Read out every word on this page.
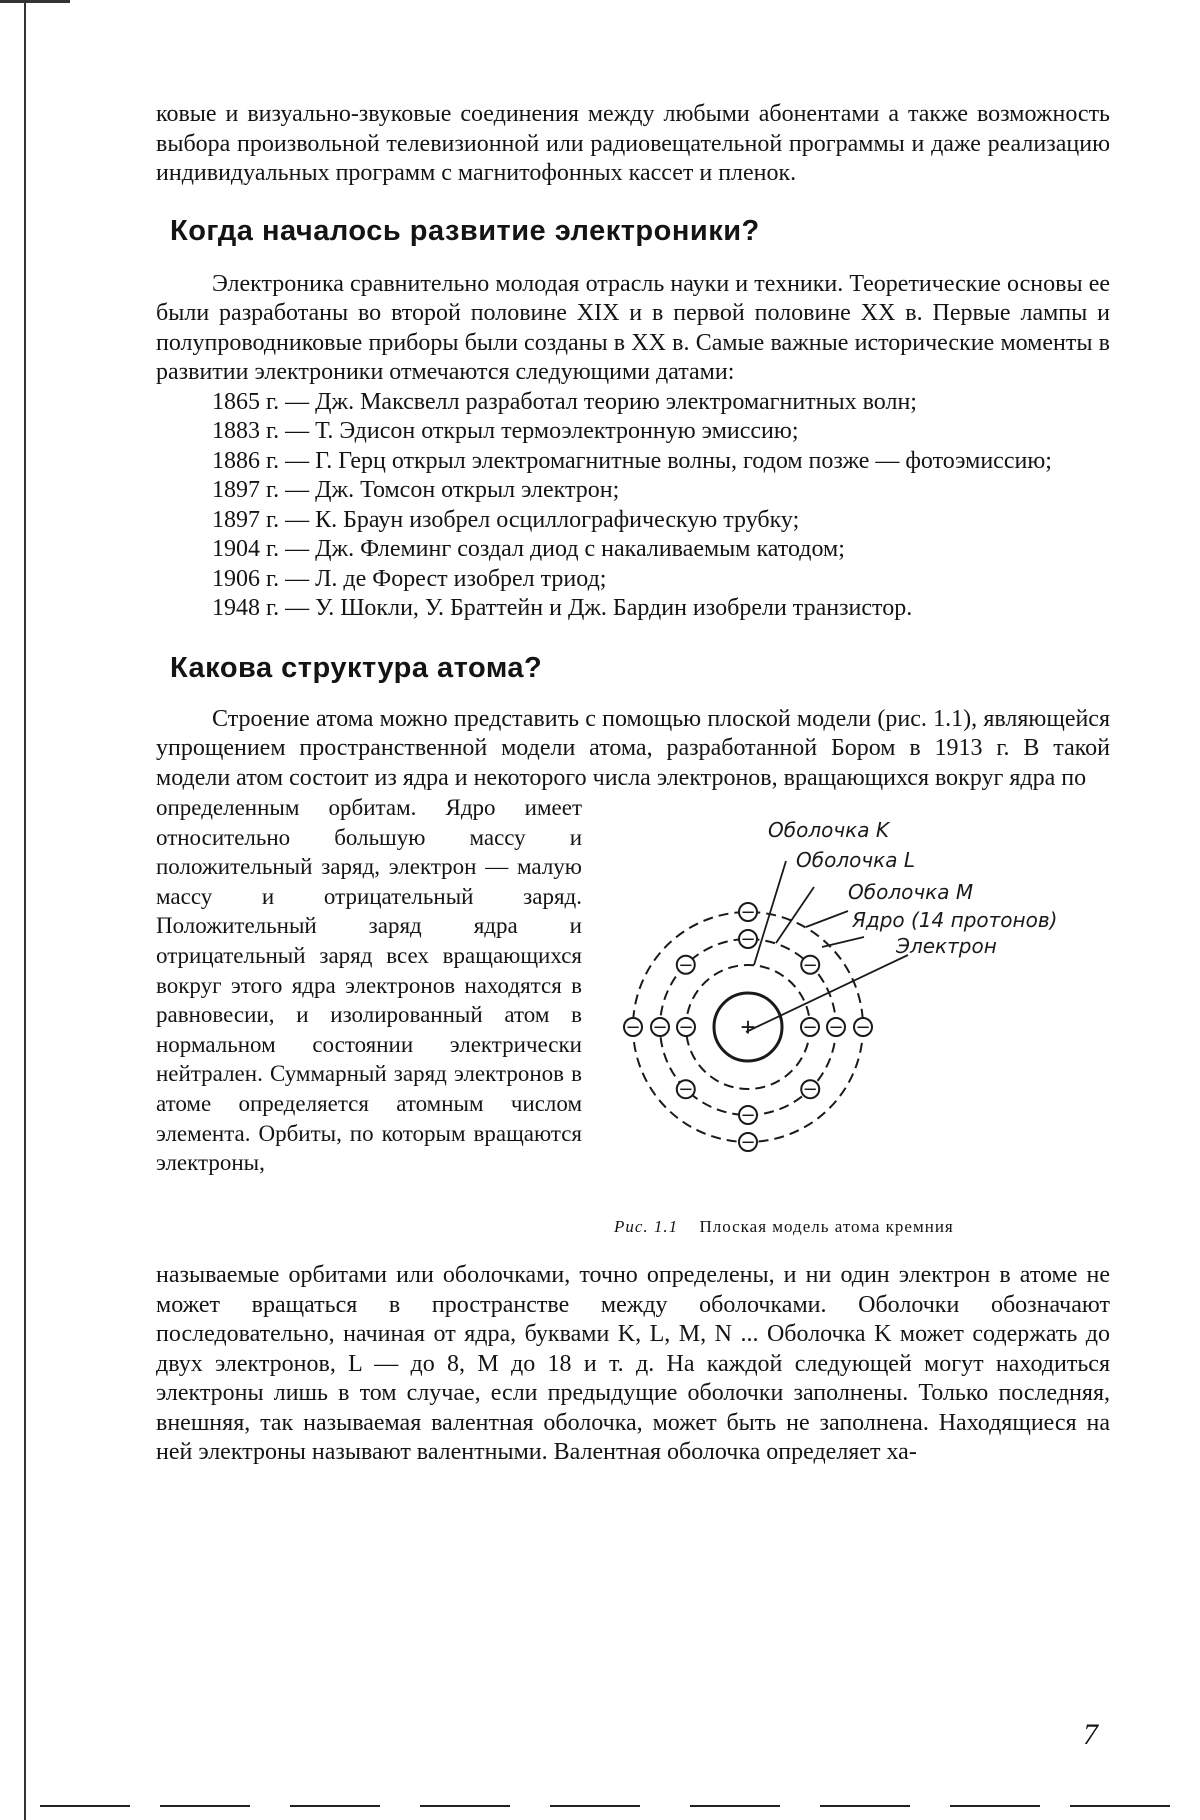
ковые и визуально-звуковые соединения между любыми абонентами а также возможность выбора произвольной телевизионной или радиовещательной программы и даже реализацию индивидуальных программ с магнитофонных кассет и пленок.

Когда началось развитие электроники?

Электроника сравнительно молодая отрасль науки и техники. Теоретические основы ее были разработаны во второй половине XIX и в первой половине XX в. Первые лампы и полупроводниковые приборы были созданы в XX в. Самые важные исторические моменты в развитии электроники отмечаются следующими датами:

1865 г. — Дж. Максвелл разработал теорию электромагнитных волн;
1883 г. — Т. Эдисон открыл термоэлектронную эмиссию;
1886 г. — Г. Герц открыл электромагнитные волны, годом позже — фотоэмиссию;
1897 г. — Дж. Томсон открыл электрон;
1897 г. — К. Браун изобрел осциллографическую трубку;
1904 г. — Дж. Флеминг создал диод с накаливаемым катодом;
1906 г. — Л. де Форест изобрел триод;
1948 г. — У. Шокли, У. Браттейн и Дж. Бардин изобрели транзистор.
Какова структура атома?

Строение атома можно представить с помощью плоской модели (рис. 1.1), являющейся упрощением пространственной модели атома, разработанной Бором в 1913 г. В такой модели атом состоит из ядра и некоторого числа электронов, вращающихся вокруг ядра по

определенным орбитам. Ядро имеет относительно большую массу и положительный заряд, электрон — малую массу и отрицательный заряд. Положительный заряд ядра и отрицательный заряд всех вращающихся вокруг этого ядра электронов находятся в равновесии, и изолированный атом в нормальном состоянии электрически нейтрален. Суммарный заряд электронов в атоме определяется атомным числом элемента. Орбиты, по которым вращаются электроны,

+
−	−
−
−
−
−
−
−
−
−
−
−
−
−
Оболочка K
Оболочка L
Оболочка M
Ядро (14 протонов)
Электрон
Рис. 1.1 Плоская модель атома кремния

называемые орбитами или оболочками, точно определены, и ни один электрон в атоме не может вращаться в пространстве между оболочками. Оболочки обозначают последовательно, начиная от ядра, буквами K, L, M, N ... Оболочка K может содержать до двух электронов, L — до 8, M до 18 и т. д. На каждой следующей могут находиться электроны лишь в том случае, если предыдущие оболочки заполнены. Только последняя, внешняя, так называемая валентная оболочка, может быть не заполнена. Находящиеся на ней электроны называют валентными. Валентная оболочка определяет ха-

7
